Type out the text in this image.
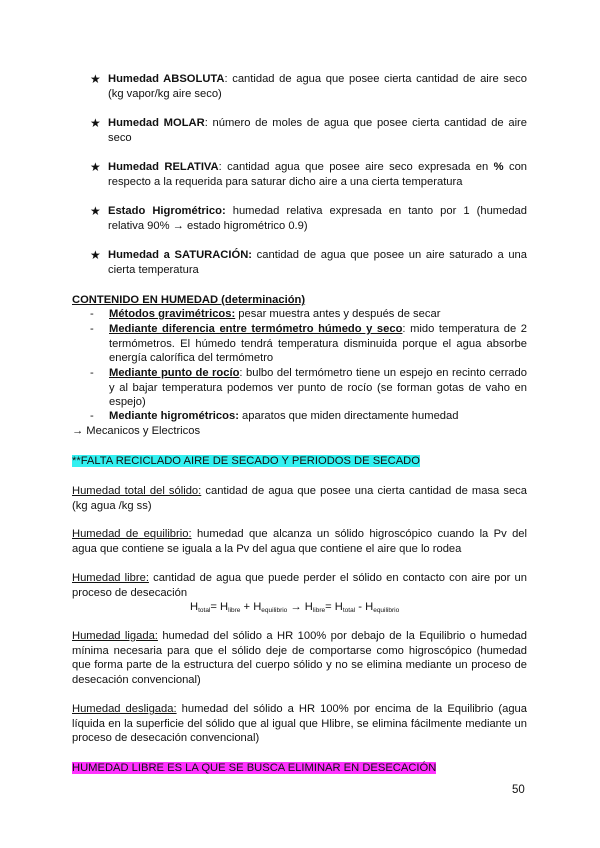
★ Humedad ABSOLUTA: cantidad de agua que posee cierta cantidad de aire seco (kg vapor/kg aire seco)
★ Humedad MOLAR: número de moles de agua que posee cierta cantidad de aire seco
★ Humedad RELATIVA: cantidad agua que posee aire seco expresada en % con respecto a la requerida para saturar dicho aire a una cierta temperatura
★ Estado Higrométrico: humedad relativa expresada en tanto por 1 (humedad relativa 90% → estado higrométrico 0.9)
★ Humedad a SATURACIÓN: cantidad de agua que posee un aire saturado a una cierta temperatura
CONTENIDO EN HUMEDAD (determinación)
- Métodos gravimétricos: pesar muestra antes y después de secar
- Mediante diferencia entre termómetro húmedo y seco: mido temperatura de 2 termómetros. El húmedo tendrá temperatura disminuida porque el agua absorbe energía calorífica del termómetro
- Mediante punto de rocío: bulbo del termómetro tiene un espejo en recinto cerrado y al bajar temperatura podemos ver punto de rocío (se forman gotas de vaho en espejo)
- Mediante higrométricos: aparatos que miden directamente humedad
→ Mecanicos y Electricos
**FALTA RECICLADO AIRE DE SECADO Y PERIODOS DE SECADO
Humedad total del sólido: cantidad de agua que posee una cierta cantidad de masa seca (kg agua /kg ss)
Humedad de equilibrio: humedad que alcanza un sólido higroscópico cuando la Pv del agua que contiene se iguala a la Pv del agua que contiene el aire que lo rodea
Humedad libre: cantidad de agua que puede perder el sólido en contacto con aire por un proceso de desecación
$H_{total}= H_{libre} + H_{equilibrio} \to H_{libre}= H_{total} - H_{equilibrio}$
Humedad ligada: humedad del sólido a HR 100% por debajo de la Equilibrio o humedad mínima necesaria para que el sólido deje de comportarse como higroscópico (humedad que forma parte de la estructura del cuerpo sólido y no se elimina mediante un proceso de desecación convencional)
Humedad desligada: humedad del sólido a HR 100% por encima de la Equilibrio (agua líquida en la superficie del sólido que al igual que Hlibre, se elimina fácilmente mediante un proceso de desecación convencional)
HUMEDAD LIBRE ES LA QUE SE BUSCA ELIMINAR EN DESECACIÓN
50
